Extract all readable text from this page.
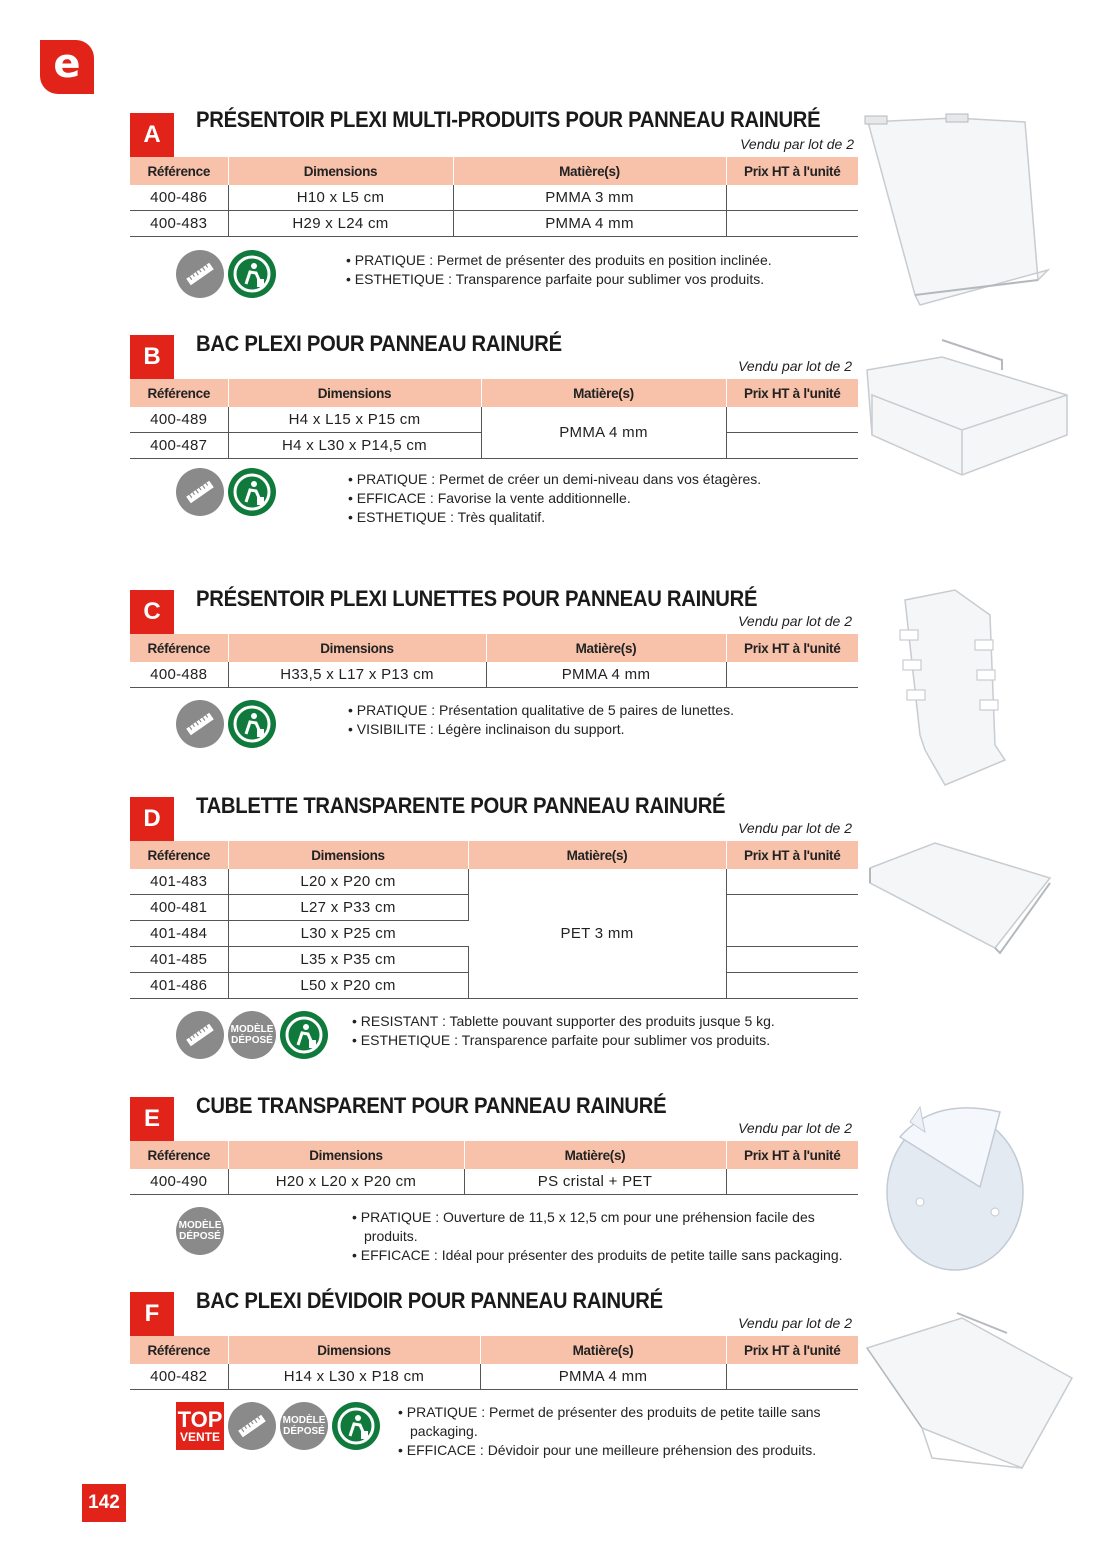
e
A
PRÉSENTOIR PLEXI MULTI-PRODUITS POUR PANNEAU RAINURÉ
Vendu par lot de 2
Référence	Dimensions	Matière(s)	Prix HT à l'unité
400-486	H10 x L5 cm	PMMA 3 mm	
400-483	H29 x L24 cm	PMMA 4 mm	
• PRATIQUE : Permet de présenter des produits en position inclinée.
• ESTHETIQUE : Transparence parfaite pour sublimer vos produits.
B	BAC PLEXI POUR PANNEAU RAINURÉ
Vendu par lot de 2
Référence	Dimensions	Matière(s)	Prix HT à l'unité
400-489	H4 x L15 x P15 cm	PMMA 4 mm	
400-487	H4 x L30 x P14,5 cm		
• PRATIQUE : Permet de créer un demi-niveau dans vos étagères.
• EFFICACE : Favorise la vente additionnelle.
• ESTHETIQUE : Très qualitatif.
C	PRÉSENTOIR PLEXI LUNETTES POUR PANNEAU RAINURÉ
Vendu par lot de 2
Référence	Dimensions	Matière(s)	Prix HT à l'unité
400-488	H33,5 x L17 x P13 cm	PMMA 4 mm	
• PRATIQUE : Présentation qualitative de 5 paires de lunettes.
• VISIBILITE : Légère inclinaison du support.
D	TABLETTE TRANSPARENTE POUR PANNEAU RAINURÉ
Vendu par lot de 2
Référence	Dimensions	Matière(s)	Prix HT à l'unité
401-483	L20 x P20 cm	PET 3 mm	
400-481	L27 x P33 cm		
401-484	L30 x P25 cm		
401-485	L35 x P35 cm		
401-486	L50 x P20 cm		
MODÈLE DÉPOSÉ
• RESISTANT : Tablette pouvant supporter des produits jusque 5 kg.
• ESTHETIQUE : Transparence parfaite pour sublimer vos produits.
E	CUBE TRANSPARENT POUR PANNEAU RAINURÉ
Vendu par lot de 2
Référence	Dimensions	Matière(s)	Prix HT à l'unité
400-490	H20 x L20 x P20 cm	PS cristal + PET	
MODÈLE DÉPOSÉ
• PRATIQUE : Ouverture de 11,5 x 12,5 cm pour une préhension facile des produits.
• EFFICACE : Idéal pour présenter des produits de petite taille sans packaging.
F	BAC PLEXI DÉVIDOIR POUR PANNEAU RAINURÉ
Vendu par lot de 2
Référence	Dimensions	Matière(s)	Prix HT à l'unité
400-482	H14 x L30 x P18 cm	PMMA 4 mm	
TOP
VENTE
MODÈLE DÉPOSÉ
• PRATIQUE : Permet de présenter des produits de petite taille sans packaging.
• EFFICACE : Dévidoir pour une meilleure préhension des produits.
142
